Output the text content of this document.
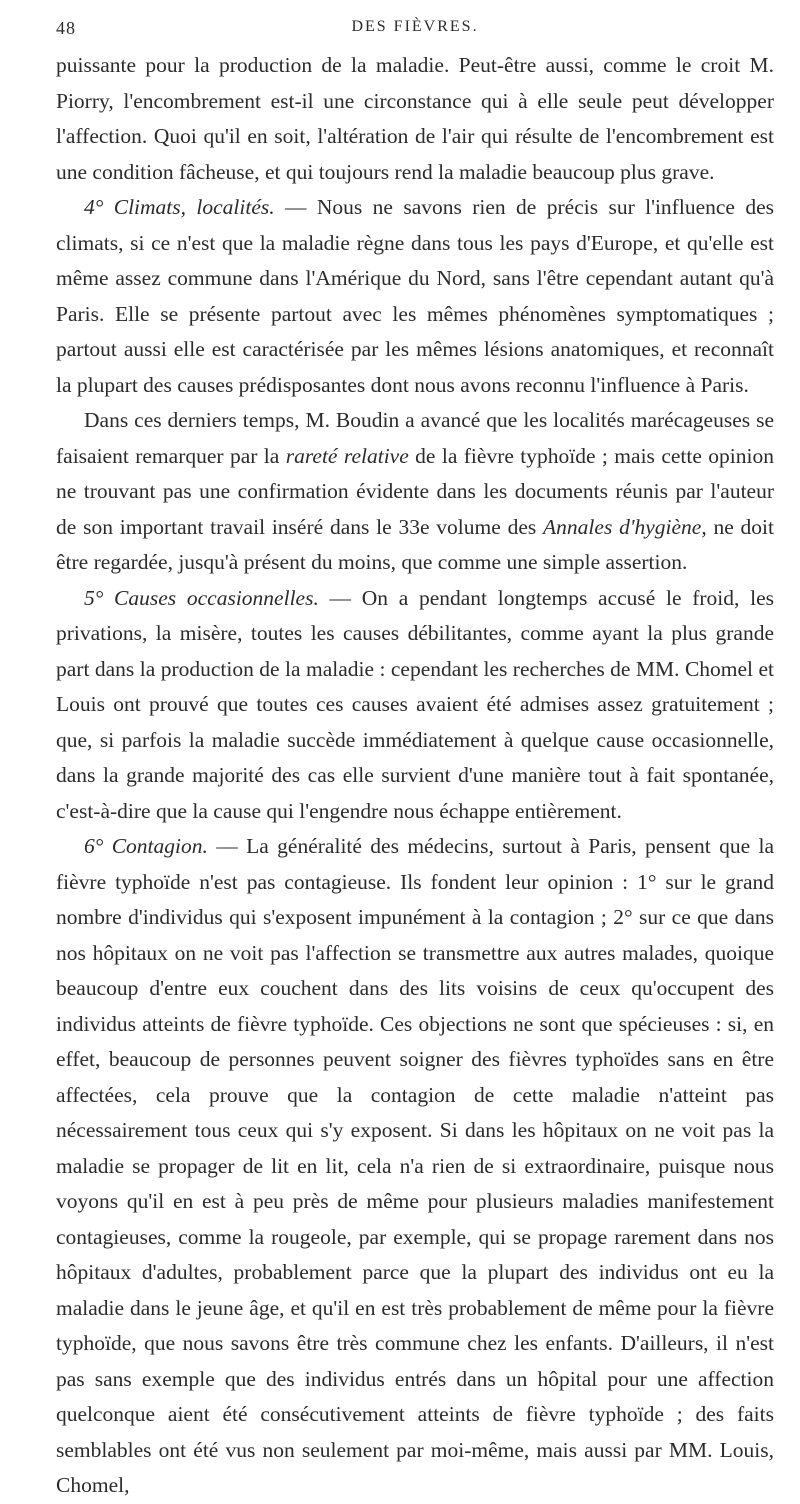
48	DES FIÈVRES.

puissante pour la production de la maladie. Peut-être aussi, comme le croit M. Piorry, l'encombrement est-il une circonstance qui à elle seule peut développer l'affection. Quoi qu'il en soit, l'altération de l'air qui résulte de l'encombrement est une condition fâcheuse, et qui toujours rend la maladie beaucoup plus grave.

4° Climats, localités. — Nous ne savons rien de précis sur l'influence des climats, si ce n'est que la maladie règne dans tous les pays d'Europe, et qu'elle est même assez commune dans l'Amérique du Nord, sans l'être cependant autant qu'à Paris. Elle se présente partout avec les mêmes phénomènes symptomatiques ; partout aussi elle est caractérisée par les mêmes lésions anatomiques, et reconnaît la plupart des causes prédisposantes dont nous avons reconnu l'influence à Paris.

Dans ces derniers temps, M. Boudin a avancé que les localités marécageuses se faisaient remarquer par la rareté relative de la fièvre typhoïde ; mais cette opinion ne trouvant pas une confirmation évidente dans les documents réunis par l'auteur de son important travail inséré dans le 33e volume des Annales d'hygiène, ne doit être regardée, jusqu'à présent du moins, que comme une simple assertion.

5° Causes occasionnelles. — On a pendant longtemps accusé le froid, les privations, la misère, toutes les causes débilitantes, comme ayant la plus grande part dans la production de la maladie : cependant les recherches de MM. Chomel et Louis ont prouvé que toutes ces causes avaient été admises assez gratuitement ; que, si parfois la maladie succède immédiatement à quelque cause occasionnelle, dans la grande majorité des cas elle survient d'une manière tout à fait spontanée, c'est-à-dire que la cause qui l'engendre nous échappe entièrement.

6° Contagion. — La généralité des médecins, surtout à Paris, pensent que la fièvre typhoïde n'est pas contagieuse. Ils fondent leur opinion : 1° sur le grand nombre d'individus qui s'exposent impunément à la contagion ; 2° sur ce que dans nos hôpitaux on ne voit pas l'affection se transmettre aux autres malades, quoique beaucoup d'entre eux couchent dans des lits voisins de ceux qu'occupent des individus atteints de fièvre typhoïde. Ces objections ne sont que spécieuses : si, en effet, beaucoup de personnes peuvent soigner des fièvres typhoïdes sans en être affectées, cela prouve que la contagion de cette maladie n'atteint pas nécessairement tous ceux qui s'y exposent. Si dans les hôpitaux on ne voit pas la maladie se propager de lit en lit, cela n'a rien de si extraordinaire, puisque nous voyons qu'il en est à peu près de même pour plusieurs maladies manifestement contagieuses, comme la rougeole, par exemple, qui se propage rarement dans nos hôpitaux d'adultes, probablement parce que la plupart des individus ont eu la maladie dans le jeune âge, et qu'il en est très probablement de même pour la fièvre typhoïde, que nous savons être très commune chez les enfants. D'ailleurs, il n'est pas sans exemple que des individus entrés dans un hôpital pour une affection quelconque aient été consécutivement atteints de fièvre typhoïde ; des faits semblables ont été vus non seulement par moi-même, mais aussi par MM. Louis, Chomel,
